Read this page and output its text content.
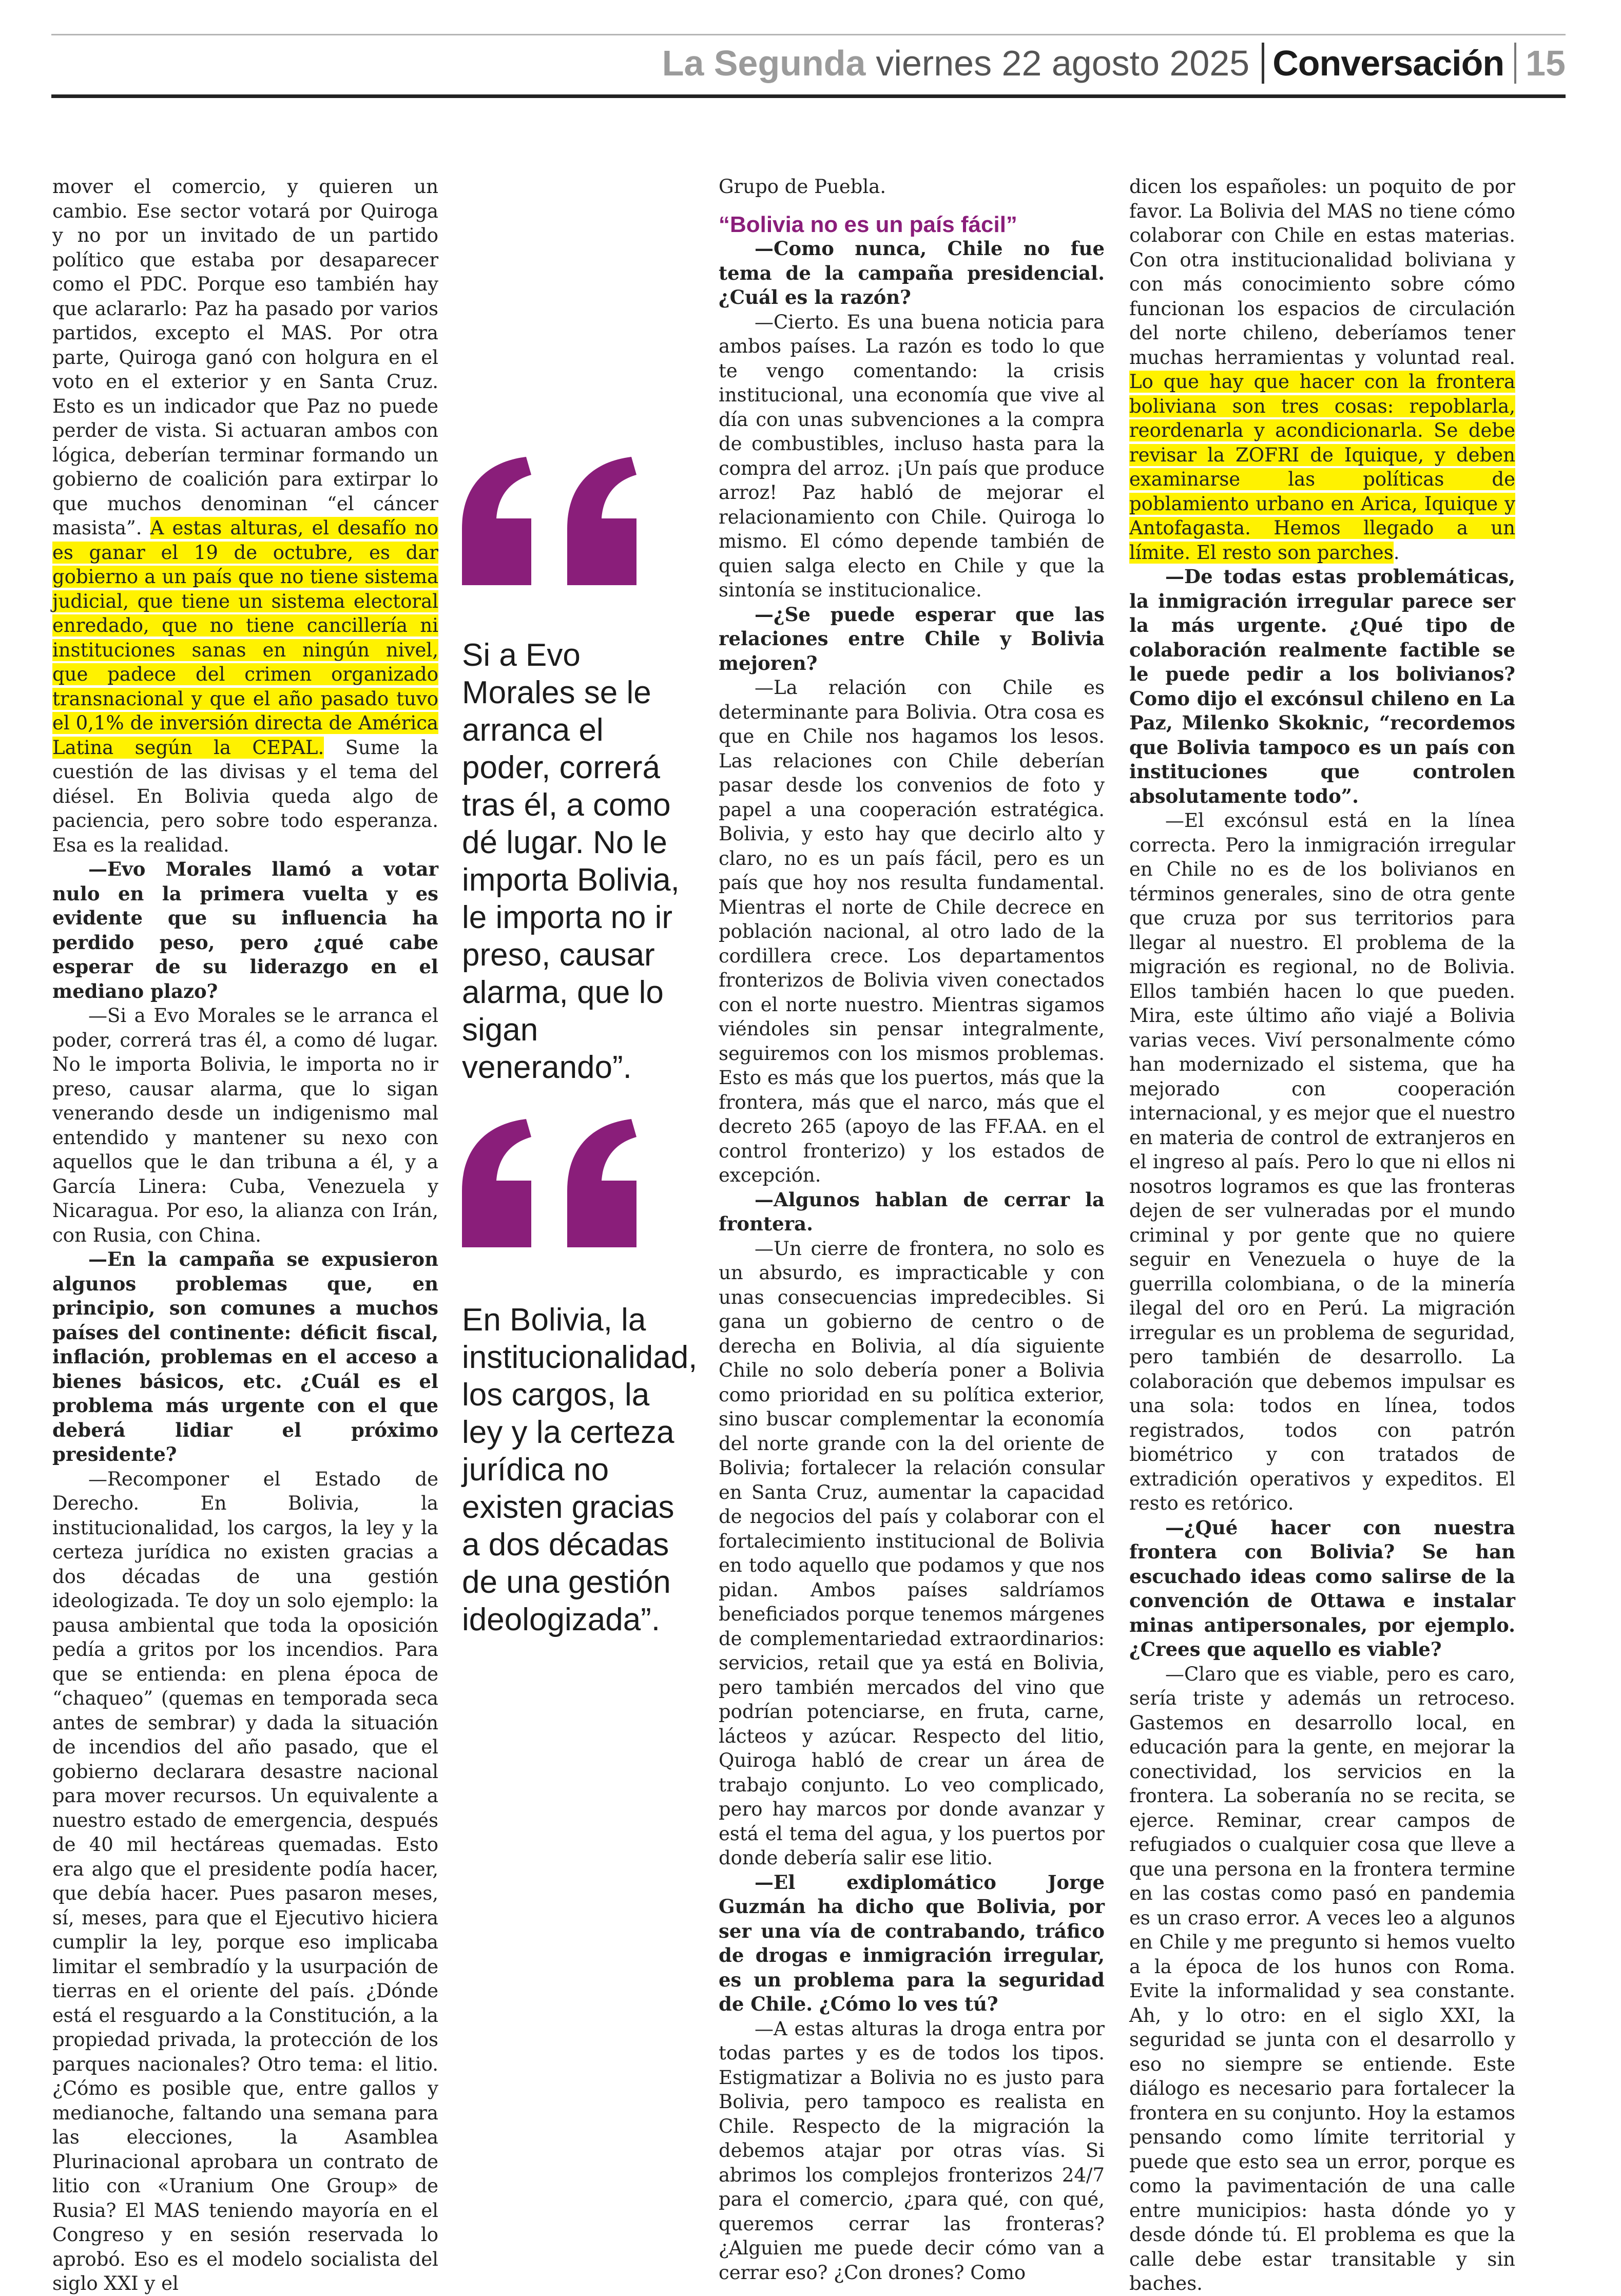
La Segunda viernes 22 agosto 2025 Conversación 15

mover el comercio, y quieren un cambio. Ese sector votará por Quiroga y no por un invitado de un partido político que estaba por desaparecer como el PDC. Porque eso también hay que aclararlo: Paz ha pasado por varios partidos, excepto el MAS. Por otra parte, Quiroga ganó con holgura en el voto en el exterior y en Santa Cruz. Esto es un indicador que Paz no puede perder de vista. Si actuaran ambos con lógica, deberían terminar formando un gobierno de coalición para extirpar lo que muchos denominan “el cáncer masista”. A estas alturas, el desafío no es ganar el 19 de octubre, es dar gobierno a un país que no tiene sistema judicial, que tiene un sistema electoral enredado, que no tiene cancillería ni instituciones sanas en ningún nivel, que padece del crimen organizado transnacional y que el año pasado tuvo el 0,1% de inversión directa de América Latina según la CEPAL. Sume la cuestión de las divisas y el tema del diésel. En Bolivia queda algo de paciencia, pero sobre todo esperanza. Esa es la realidad.

—Evo Morales llamó a votar nulo en la primera vuelta y es evidente que su influencia ha perdido peso, pero ¿qué cabe esperar de su liderazgo en el mediano plazo?

—Si a Evo Morales se le arranca el poder, correrá tras él, a como dé lugar. No le importa Bolivia, le importa no ir preso, causar alarma, que lo sigan venerando desde un indigenismo mal entendido y mantener su nexo con aquellos que le dan tribuna a él, y a García Linera: Cuba, Venezuela y Nicaragua. Por eso, la alianza con Irán, con Rusia, con China.

—En la campaña se expusieron algunos problemas que, en principio, son comunes a muchos países del continente: déficit fiscal, inflación, problemas en el acceso a bienes básicos, etc. ¿Cuál es el problema más urgente con el que deberá lidiar el próximo presidente?

—Recomponer el Estado de Derecho. En Bolivia, la institucionalidad, los cargos, la ley y la certeza jurídica no existen gracias a dos décadas de una gestión ideologizada. Te doy un solo ejemplo: la pausa ambiental que toda la oposición pedía a gritos por los incendios. Para que se entienda: en plena época de “chaqueo” (quemas en temporada seca antes de sembrar) y dada la situación de incendios del año pasado, que el gobierno declarara desastre nacional para mover recursos. Un equivalente a nuestro estado de emergencia, después de 40 mil hectáreas quemadas. Esto era algo que el presidente podía hacer, que debía hacer. Pues pasaron meses, sí, meses, para que el Ejecutivo hiciera cumplir la ley, porque eso implicaba limitar el sembradío y la usurpación de tierras en el oriente del país. ¿Dónde está el resguardo a la Constitución, a la propiedad privada, la protección de los parques nacionales? Otro tema: el litio. ¿Cómo es posible que, entre gallos y medianoche, faltando una semana para las elecciones, la Asamblea Plurinacional aprobara un contrato de litio con «Uranium One Group» de Rusia? El MAS teniendo mayoría en el Congreso y en sesión reservada lo aprobó. Eso es el modelo socialista del siglo XXI y el

Si a Evo Morales se le arranca el poder, correrá tras él, a como dé lugar. No le importa Bolivia, le importa no ir preso, causar alarma, que lo sigan venerando”.
En Bolivia, la institucionalidad, los cargos, la ley y la certeza jurídica no existen gracias a dos décadas de una gestión ideologizada”.

Grupo de Puebla.

“Bolivia no es un país fácil”

—Como nunca, Chile no fue tema de la campaña presidencial. ¿Cuál es la razón?

—Cierto. Es una buena noticia para ambos países. La razón es todo lo que te vengo comentando: la crisis institucional, una economía que vive al día con unas subvenciones a la compra de combustibles, incluso hasta para la compra del arroz. ¡Un país que produce arroz! Paz habló de mejorar el relacionamiento con Chile. Quiroga lo mismo. El cómo depende también de quien salga electo en Chile y que la sintonía se institucionalice.

—¿Se puede esperar que las relaciones entre Chile y Bolivia mejoren?

—La relación con Chile es determinante para Bolivia. Otra cosa es que en Chile nos hagamos los lesos. Las relaciones con Chile deberían pasar desde los convenios de foto y papel a una cooperación estratégica. Bolivia, y esto hay que decirlo alto y claro, no es un país fácil, pero es un país que hoy nos resulta fundamental. Mientras el norte de Chile decrece en población nacional, al otro lado de la cordillera crece. Los departamentos fronterizos de Bolivia viven conectados con el norte nuestro. Mientras sigamos viéndoles sin pensar integralmente, seguiremos con los mismos problemas. Esto es más que los puertos, más que la frontera, más que el narco, más que el decreto 265 (apoyo de las FF.AA. en el control fronterizo) y los estados de excepción.

—Algunos hablan de cerrar la frontera.

—Un cierre de frontera, no solo es un absurdo, es impracticable y con unas consecuencias impredecibles. Si gana un gobierno de centro o de derecha en Bolivia, al día siguiente Chile no solo debería poner a Bolivia como prioridad en su política exterior, sino buscar complementar la economía del norte grande con la del oriente de Bolivia; fortalecer la relación consular en Santa Cruz, aumentar la capacidad de negocios del país y colaborar con el fortalecimiento institucional de Bolivia en todo aquello que podamos y que nos pidan. Ambos países saldríamos beneficiados porque tenemos márgenes de complementariedad extraordinarios: servicios, retail que ya está en Bolivia, pero también mercados del vino que podrían potenciarse, en fruta, carne, lácteos y azúcar. Respecto del litio, Quiroga habló de crear un área de trabajo conjunto. Lo veo complicado, pero hay marcos por donde avanzar y está el tema del agua, y los puertos por donde debería salir ese litio.

—El exdiplomático Jorge Guzmán ha dicho que Bolivia, por ser una vía de contrabando, tráfico de drogas e inmigración irregular, es un problema para la seguridad de Chile. ¿Cómo lo ves tú?

—A estas alturas la droga entra por todas partes y es de todos los tipos. Estigmatizar a Bolivia no es justo para Bolivia, pero tampoco es realista en Chile. Respecto de la migración la debemos atajar por otras vías. Si abrimos los complejos fronterizos 24/7 para el comercio, ¿para qué, con qué, queremos cerrar las fronteras? ¿Alguien me puede decir cómo van a cerrar eso? ¿Con drones? Como

dicen los españoles: un poquito de por favor. La Bolivia del MAS no tiene cómo colaborar con Chile en estas materias. Con otra institucionalidad boliviana y con más conocimiento sobre cómo funcionan los espacios de circulación del norte chileno, deberíamos tener muchas herramientas y voluntad real. Lo que hay que hacer con la frontera boliviana son tres cosas: repoblarla, reordenarla y acondicionarla. Se debe revisar la ZOFRI de Iquique, y deben examinarse las políticas de poblamiento urbano en Arica, Iquique y Antofagasta. Hemos llegado a un límite. El resto son parches.

—De todas estas problemáticas, la inmigración irregular parece ser la más urgente. ¿Qué tipo de colaboración realmente factible se le puede pedir a los bolivianos? Como dijo el excónsul chileno en La Paz, Milenko Skoknic, “recordemos que Bolivia tampoco es un país con instituciones que controlen absolutamente todo”.

—El excónsul está en la línea correcta. Pero la inmigración irregular en Chile no es de los bolivianos en términos generales, sino de otra gente que cruza por sus territorios para llegar al nuestro. El problema de la migración es regional, no de Bolivia. Ellos también hacen lo que pueden. Mira, este último año viajé a Bolivia varias veces. Viví personalmente cómo han modernizado el sistema, que ha mejorado con cooperación internacional, y es mejor que el nuestro en materia de control de extranjeros en el ingreso al país. Pero lo que ni ellos ni nosotros logramos es que las fronteras dejen de ser vulneradas por el mundo criminal y por gente que no quiere seguir en Venezuela o huye de la guerrilla colombiana, o de la minería ilegal del oro en Perú. La migración irregular es un problema de seguridad, pero también de desarrollo. La colaboración que debemos impulsar es una sola: todos en línea, todos registrados, todos con patrón biométrico y con tratados de extradición operativos y expeditos. El resto es retórico.

—¿Qué hacer con nuestra frontera con Bolivia? Se han escuchado ideas como salirse de la convención de Ottawa e instalar minas antipersonales, por ejemplo. ¿Crees que aquello es viable?

—Claro que es viable, pero es caro, sería triste y además un retroceso. Gastemos en desarrollo local, en educación para la gente, en mejorar la conectividad, los servicios en la frontera. La soberanía no se recita, se ejerce. Reminar, crear campos de refugiados o cualquier cosa que lleve a que una persona en la frontera termine en las costas como pasó en pandemia es un craso error. A veces leo a algunos en Chile y me pregunto si hemos vuelto a la época de los hunos con Roma. Evite la informalidad y sea constante. Ah, y lo otro: en el siglo XXI, la seguridad se junta con el desarrollo y eso no siempre se entiende. Este diálogo es necesario para fortalecer la frontera en su conjunto. Hoy la estamos pensando como límite territorial y puede que esto sea un error, porque es como la pavimentación de una calle entre municipios: hasta dónde yo y desde dónde tú. El problema es que la calle debe estar transitable y sin baches.
